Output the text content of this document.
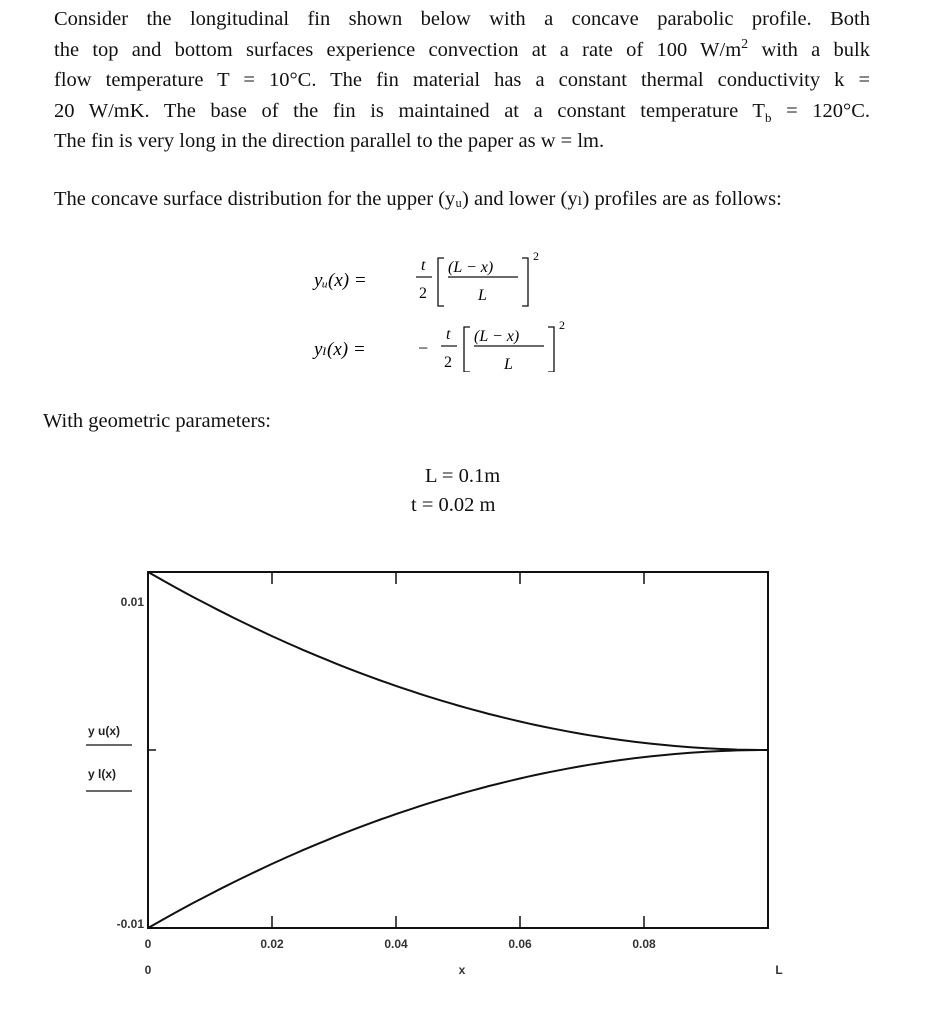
Consider the longitudinal fin shown below with a concave parabolic profile. Both
the top and bottom surfaces experience convection at a rate of 100 $W/m^2$ with a bulk
flow temperature T = 10°C. The fin material has a constant thermal conductivity k =
20 W/mK. The base of the fin is maintained at a constant temperature $T_b = 120^\circ C$.
The fin is very long in the direction parallel to the paper as w = lm.
The concave surface distribution for the upper (yᵤ) and lower (yₗ) profiles are as follows:
yᵤ(x) =
t
2
(L − x)
L
2
yₗ(x) =	−
t
2
(L − x)
L
2
With geometric parameters:
L = 0.1m
t = 0.02 m
0.01
-0.01
y u(x)
y l(x)
0	0.02	0.04	0.06	0.08
0	x	L
